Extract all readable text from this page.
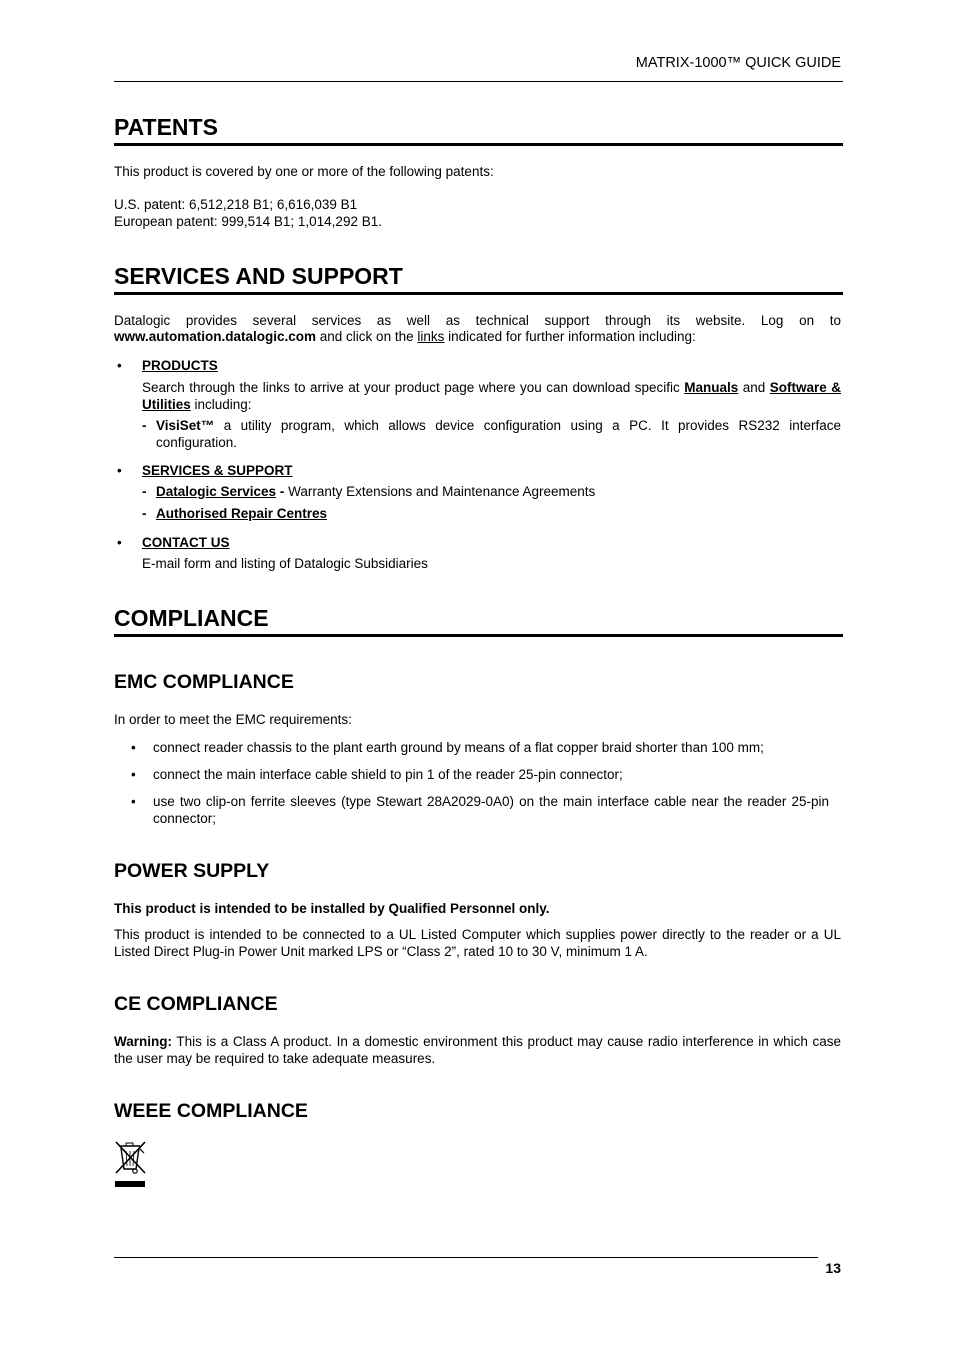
MATRIX-1000™ QUICK GUIDE
PATENTS
This product is covered by one or more of the following patents:
U.S. patent: 6,512,218 B1; 6,616,039 B1
European patent: 999,514 B1; 1,014,292 B1.
SERVICES AND SUPPORT
Datalogic provides several services as well as technical support through its website. Log on to
www.automation.datalogic.com and click on the links indicated for further information including:
• PRODUCTS
Search through the links to arrive at your product page where you can download specific Manuals and Software & Utilities including:
- VisiSet™ a utility program, which allows device configuration using a PC. It provides RS232 interface configuration.
• SERVICES & SUPPORT
- Datalogic Services - Warranty Extensions and Maintenance Agreements
- Authorised Repair Centres
• CONTACT US
E-mail form and listing of Datalogic Subsidiaries
COMPLIANCE
EMC COMPLIANCE
In order to meet the EMC requirements:
• connect reader chassis to the plant earth ground by means of a flat copper braid shorter than 100 mm;
• connect the main interface cable shield to pin 1 of the reader 25-pin connector;
• use two clip-on ferrite sleeves (type Stewart 28A2029-0A0) on the main interface cable near the reader 25-pin connector;
POWER SUPPLY
This product is intended to be installed by Qualified Personnel only.
This product is intended to be connected to a UL Listed Computer which supplies power directly to the reader or a UL Listed Direct Plug-in Power Unit marked LPS or “Class 2”, rated 10 to 30 V, minimum 1 A.
CE COMPLIANCE
Warning: This is a Class A product. In a domestic environment this product may cause radio interference in which case the user may be required to take adequate measures.
WEEE COMPLIANCE
13
